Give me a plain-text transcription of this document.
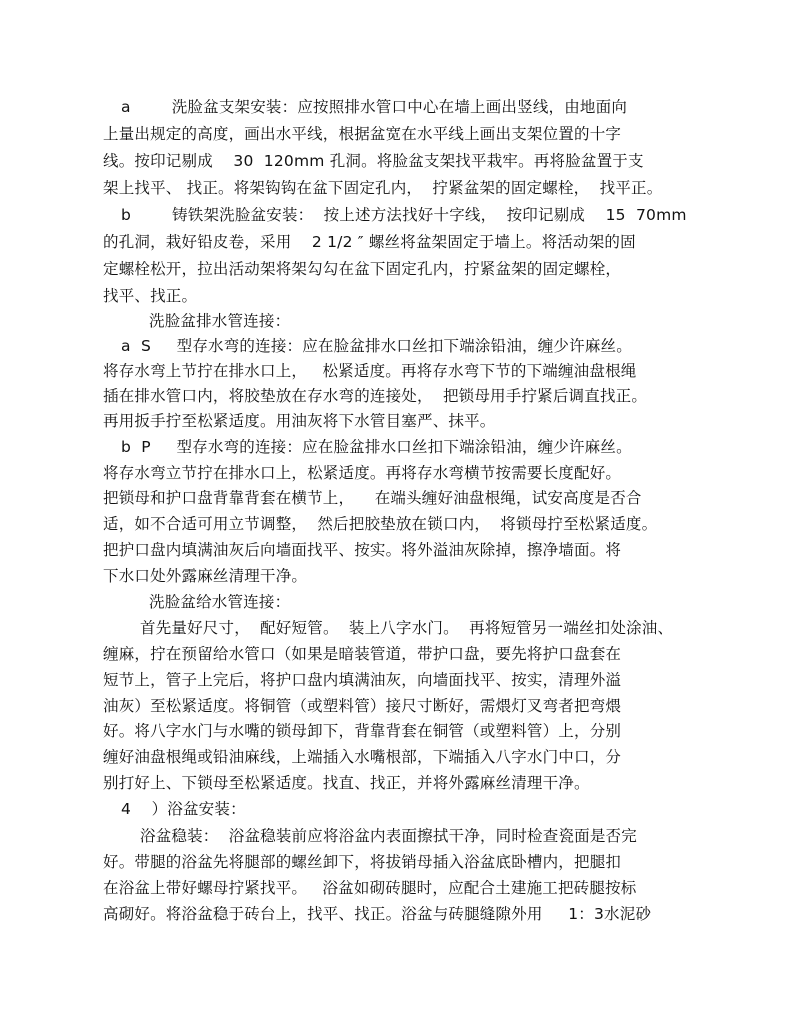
a        洗脸盆支架安装：应按照排水管口中心在墙上画出竖线，由地面向
上量出规定的高度，画出水平线，根据盆宽在水平线上画出支架位置的十字
线。按印记剔成    30  120mm 孔洞。将脸盆支架找平栽牢。再将脸盆置于支
架上找平、 找正。将架钩钩在盆下固定孔内，  拧紧盆架的固定螺栓，  找平正。
b        铸铁架洗脸盆安装：  按上述方法找好十字线，  按印记剔成    15  70mm
的孔洞，栽好铅皮卷，采用    2 1/2 ″ 螺丝将盆架固定于墙上。将活动架的固
定螺栓松开，拉出活动架将架勾勾在盆下固定孔内，拧紧盆架的固定螺栓，
找平、找正。
洗脸盆排水管连接：
a  S     型存水弯的连接：应在脸盆排水口丝扣下端涂铅油，缠少许麻丝。
将存水弯上节拧在排水口上，   松紧适度。再将存水弯下节的下端缠油盘根绳
插在排水管口内，将胶垫放在存水弯的连接处，  把锁母用手拧紧后调直找正。
再用扳手拧至松紧适度。用油灰将下水管目塞严、抹平。
b  P     型存水弯的连接：应在脸盆排水口丝扣下端涂铅油，缠少许麻丝。
将存水弯立节拧在排水口上，松紧适度。再将存水弯横节按需要长度配好。
把锁母和护口盘背靠背套在横节上，    在端头缠好油盘根绳，试安高度是否合
适，如不合适可用立节调整，  然后把胶垫放在锁口内，  将锁母拧至松紧适度。
把护口盘内填满油灰后向墙面找平、按实。将外溢油灰除掉，擦净墙面。将
下水口处外露麻丝清理干净。
洗脸盆给水管连接：
首先量好尺寸，  配好短管。  装上八字水门。  再将短管另一端丝扣处涂油、
缠麻，拧在预留给水管口（如果是暗装管道，带护口盘，要先将护口盘套在
短节上，管子上完后，将护口盘内填满油灰，向墙面找平、按实，清理外溢
油灰）至松紧适度。将铜管（或塑料管）接尺寸断好，需煨灯叉弯者把弯煨
好。将八字水门与水嘴的锁母卸下，背靠背套在铜管（或塑料管）上，分别
缠好油盘根绳或铅油麻线，上端插入水嘴根部，下端插入八字水门中口，分
别打好上、下锁母至松紧适度。找直、找正，并将外露麻丝清理干净。
4    ）浴盆安装：
浴盆稳装：  浴盆稳装前应将浴盆内表面擦拭干净，同时检查瓷面是否完
好。带腿的浴盆先将腿部的螺丝卸下，将拔销母插入浴盆底卧槽内，把腿扣
在浴盆上带好螺母拧紧找平。   浴盆如砌砖腿时，应配合土建施工把砖腿按标
高砌好。将浴盆稳于砖台上，找平、找正。浴盆与砖腿缝隙外用     1：3水泥砂
